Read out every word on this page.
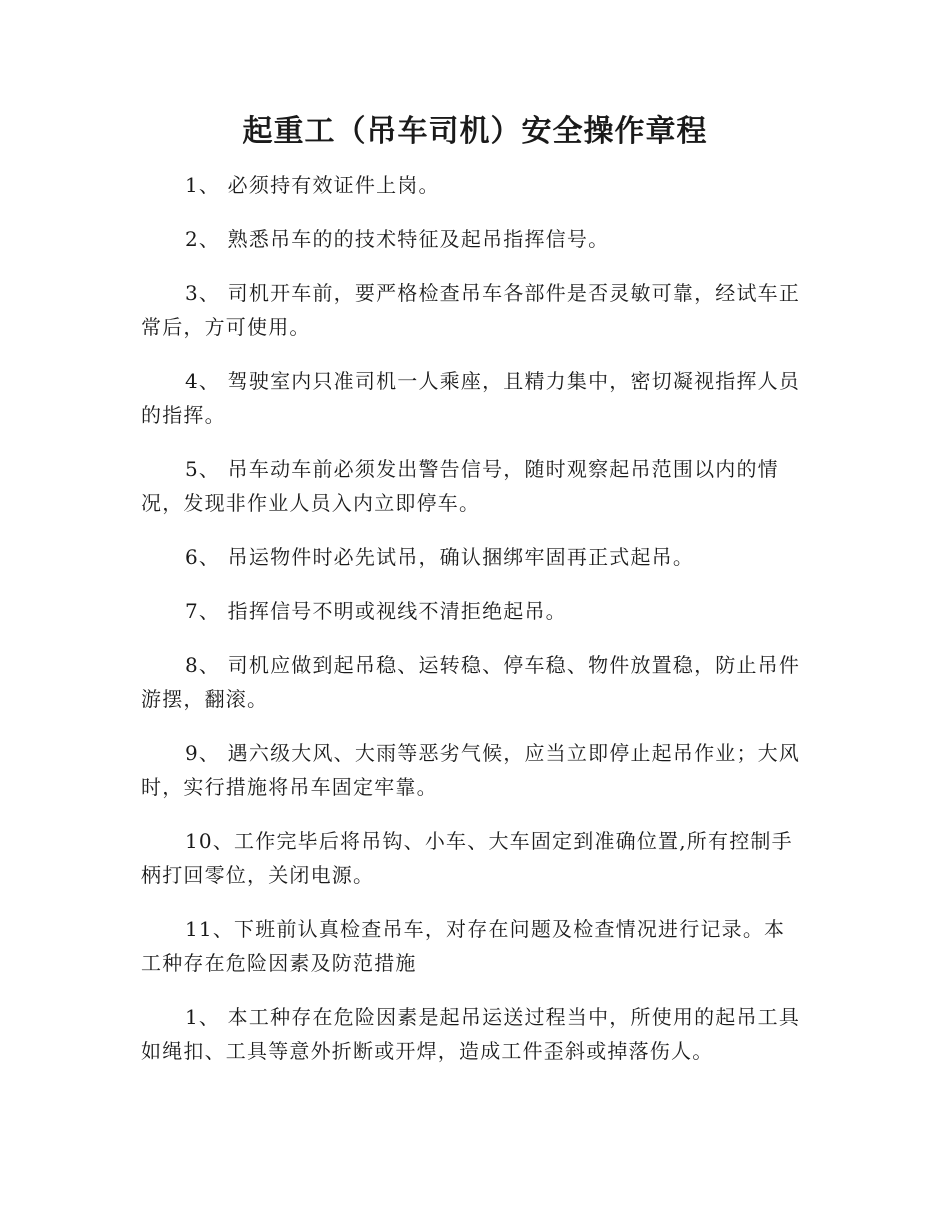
起重工（吊车司机）安全操作章程

1、 必须持有效证件上岗。

2、 熟悉吊车的的技术特征及起吊指挥信号。

3、 司机开车前，要严格检查吊车各部件是否灵敏可靠，经试车正常后，方可使用。

4、 驾驶室内只准司机一人乘座，且精力集中，密切凝视指挥人员的指挥。

5、 吊车动车前必须发出警告信号，随时观察起吊范围以内的情况，发现非作业人员入内立即停车。

6、 吊运物件时必先试吊，确认捆绑牢固再正式起吊。

7、 指挥信号不明或视线不清拒绝起吊。

8、 司机应做到起吊稳、运转稳、停车稳、物件放置稳，防止吊件游摆，翻滚。

9、 遇六级大风、大雨等恶劣气候，应当立即停止起吊作业；大风时，实行措施将吊车固定牢靠。

10、工作完毕后将吊钩、小车、大车固定到准确位置,所有控制手柄打回零位，关闭电源。

11、下班前认真检查吊车，对存在问题及检查情况进行记录。本工种存在危险因素及防范措施

1、 本工种存在危险因素是起吊运送过程当中，所使用的起吊工具如绳扣、工具等意外折断或开焊，造成工件歪斜或掉落伤人。
